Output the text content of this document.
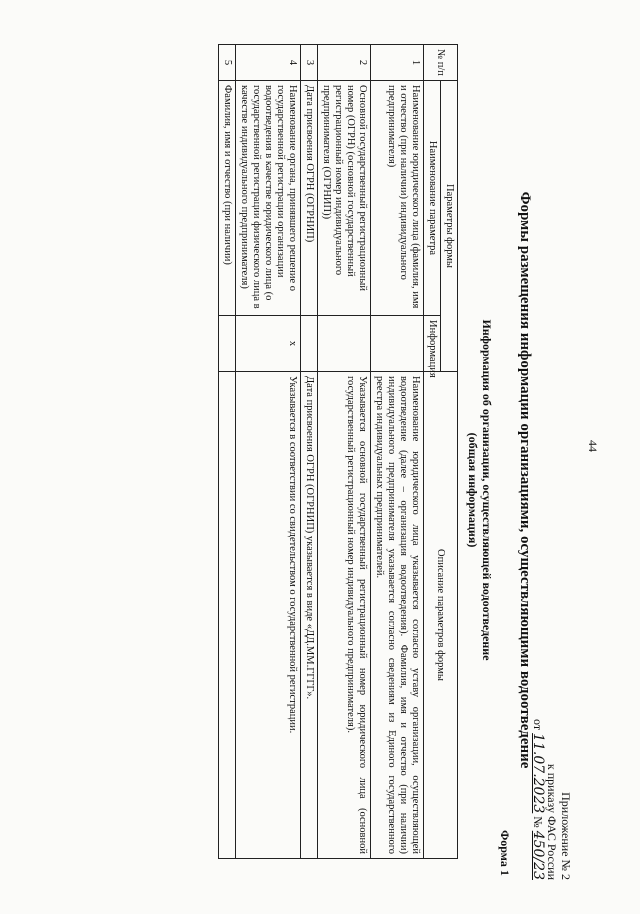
44
Приложение № 2
к приказу ФАС России
от 11.07.2023 № 450/23
Формы размещения информации организациями, осуществляющими водоотведение
Форма 1
Информация об организации, осуществляющей водоотведение
(общая информация)
№ п/п	Параметры формы		Описание параметров формы
	Наименование параметра	Информация	
1	Наименование юридического лица (фамилия, имя и отчество (при наличии) индивидуального предпринимателя)		Наименование юридического лица указывается согласно уставу организации, осуществляющей водоотведение (далее – организация водоотведения). Фамилия, имя и отчество (при наличии) индивидуального предпринимателя указывается согласно сведениям из Единого государственного реестра индивидуальных предпринимателей.
2	Основной государственный регистрационный номер (ОГРН) (основной государственный регистрационный номер индивидуального предпринимателя (ОГРНИП))		Указывается основной государственный регистрационный номер юридического лица (основной государственный регистрационный номер индивидуального предпринимателя).
3	Дата присвоения ОГРН (ОГРНИП)		Дата присвоения ОГРН (ОГРНИП) указывается в виде «ДД.ММ.ГГГГ».
4	Наименование органа, принявшего решение о государственной регистрации организации водоотведения в качестве юридического лица (о государственной регистрации физического лица в качестве индивидуального предпринимателя)	x	Указывается в соответствии со свидетельством о государственной регистрации.
5	Фамилия, имя и отчество (при наличии)		
